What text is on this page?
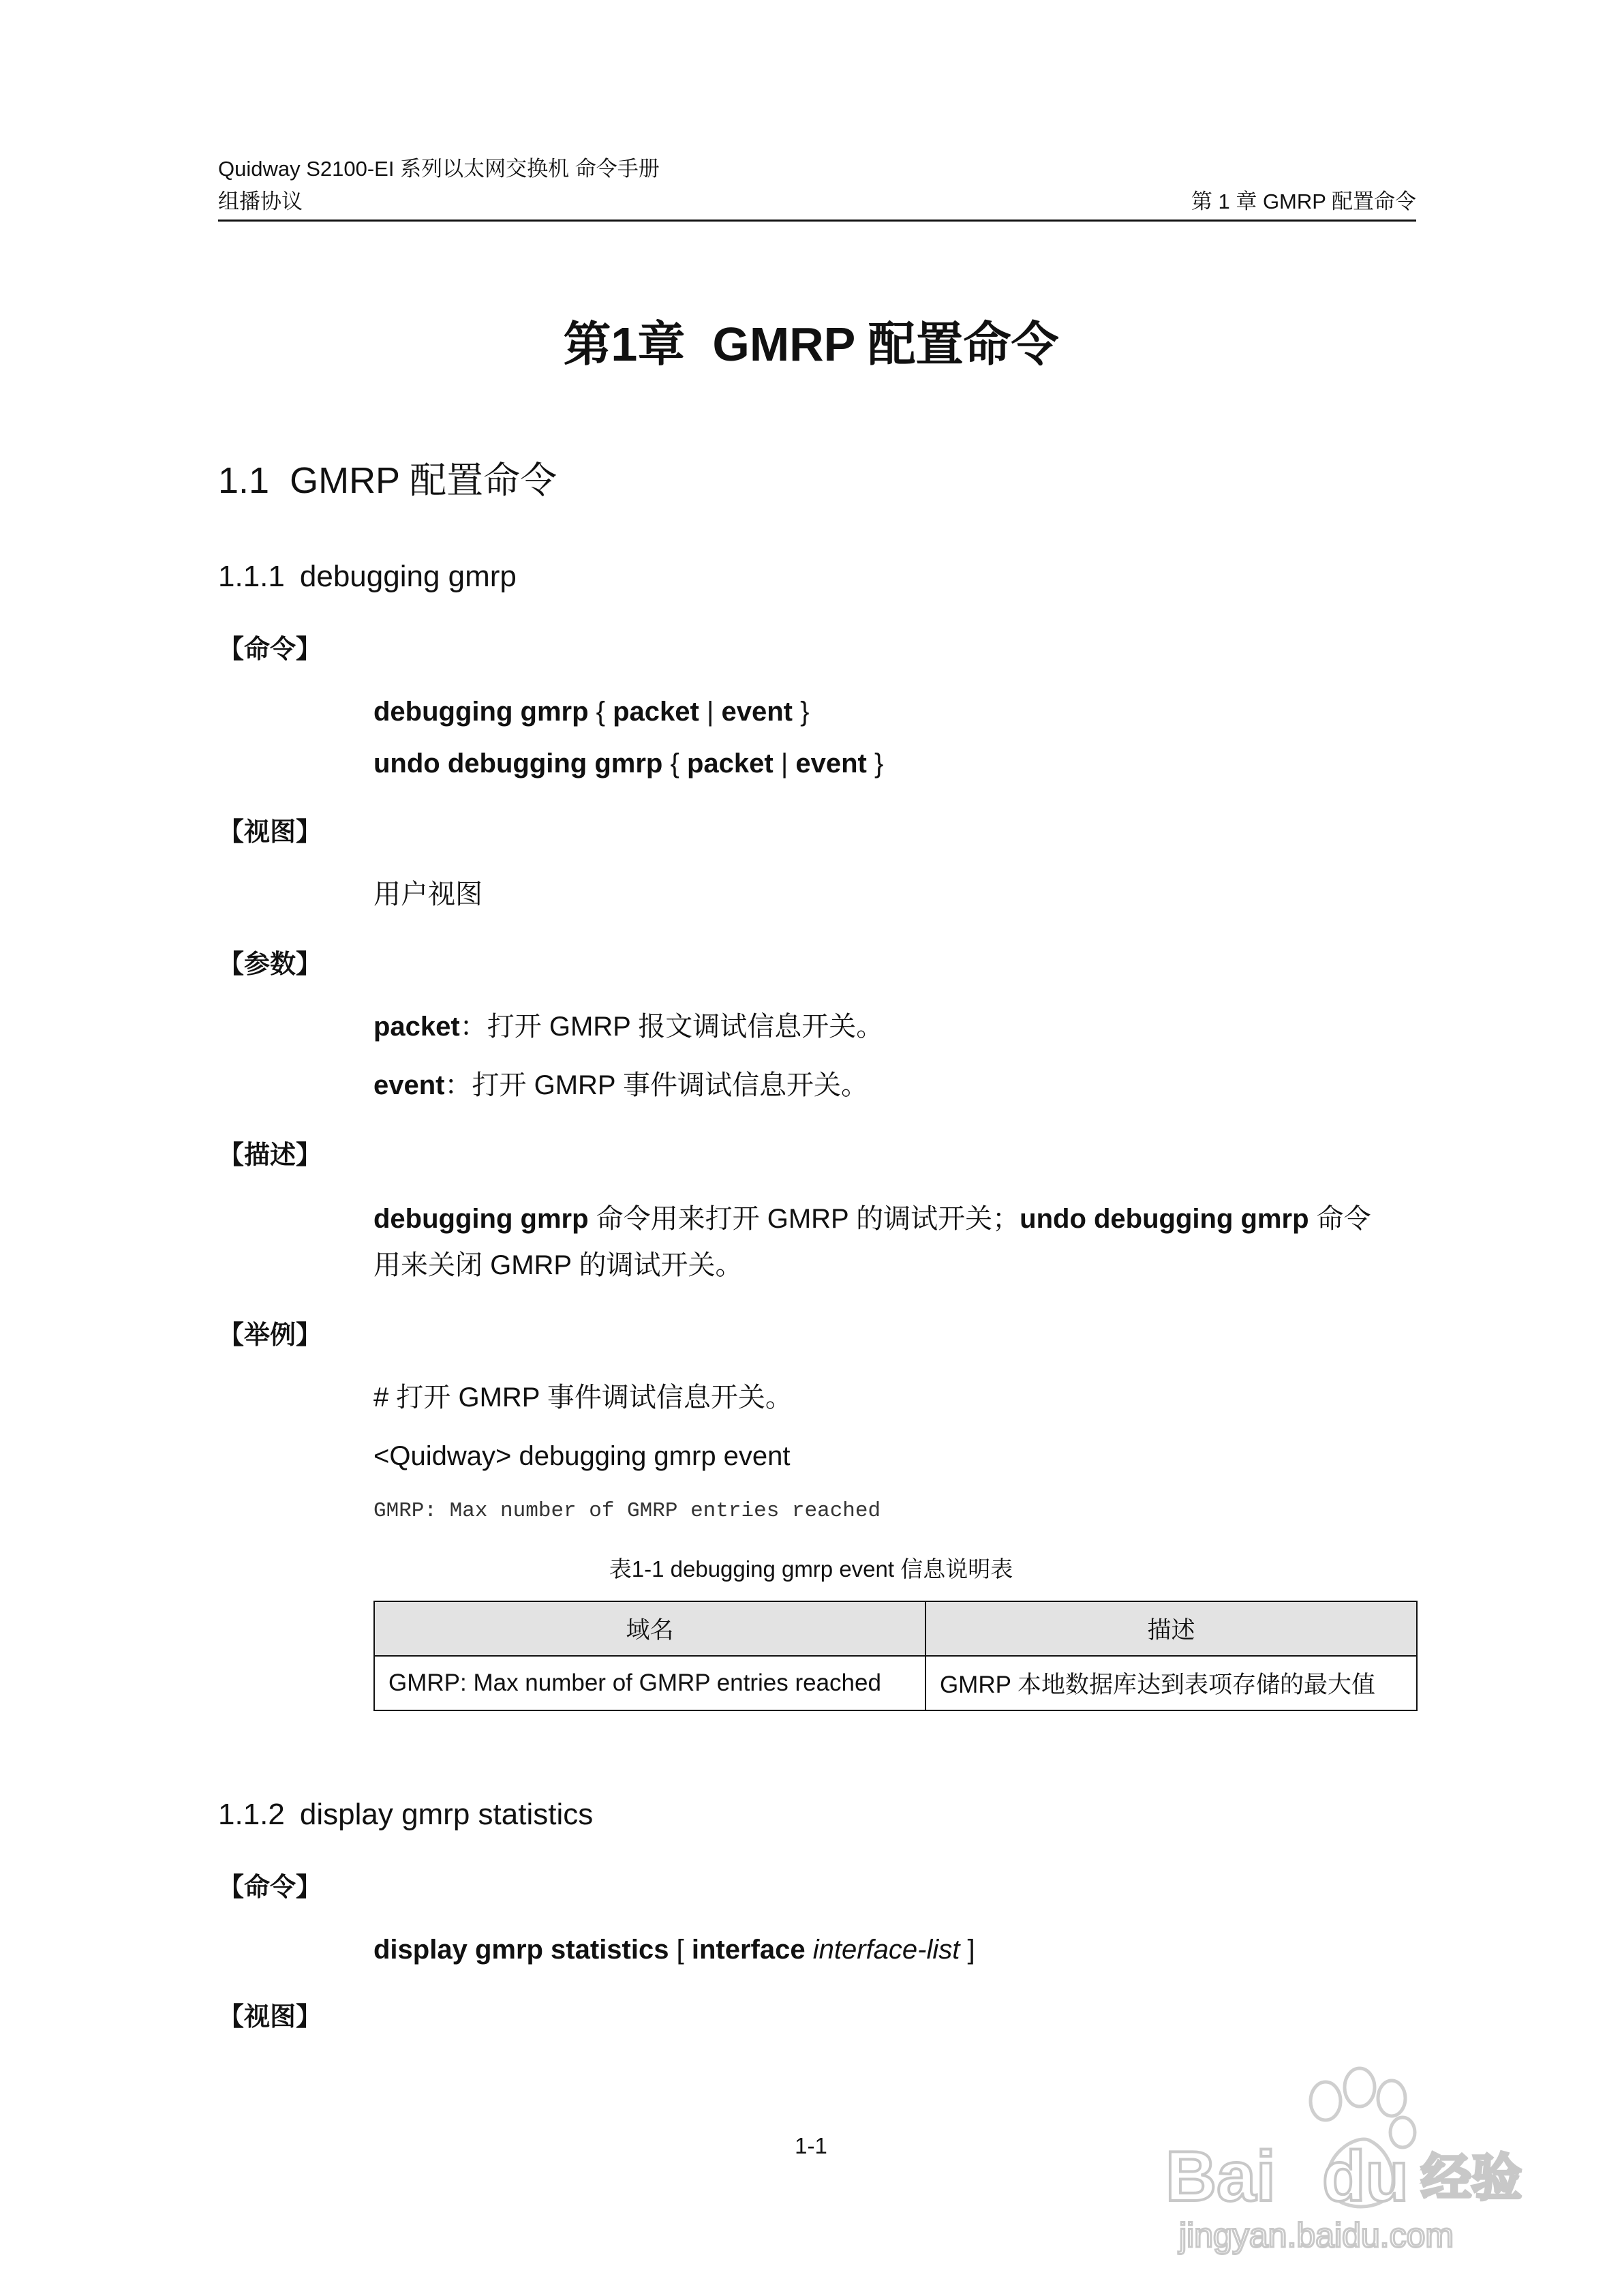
Quidway S2100-EI 系列以太网交换机 命令手册
组播协议	第 1 章 GMRP 配置命令
第1章 GMRP 配置命令
1.1 GMRP 配置命令
1.1.1 debugging gmrp
【命令】
debugging gmrp { packet | event }
undo debugging gmrp { packet | event }
【视图】
用户视图
【参数】
packet：打开 GMRP 报文调试信息开关。
event：打开 GMRP 事件调试信息开关。
【描述】
debugging gmrp 命令用来打开 GMRP 的调试开关；undo debugging gmrp 命令
用来关闭 GMRP 的调试开关。
【举例】
# 打开 GMRP 事件调试信息开关。
<Quidway> debugging gmrp event
GMRP: Max number of GMRP entries reached
表1-1 debugging gmrp event 信息说明表
域名	描述
GMRP: Max number of GMRP entries reached	GMRP 本地数据库达到表项存储的最大值
1.1.2 display gmrp statistics
【命令】
display gmrp statistics [ interface interface-list ]
【视图】
1-1	Bai du 经验
jingyan.baidu.com
